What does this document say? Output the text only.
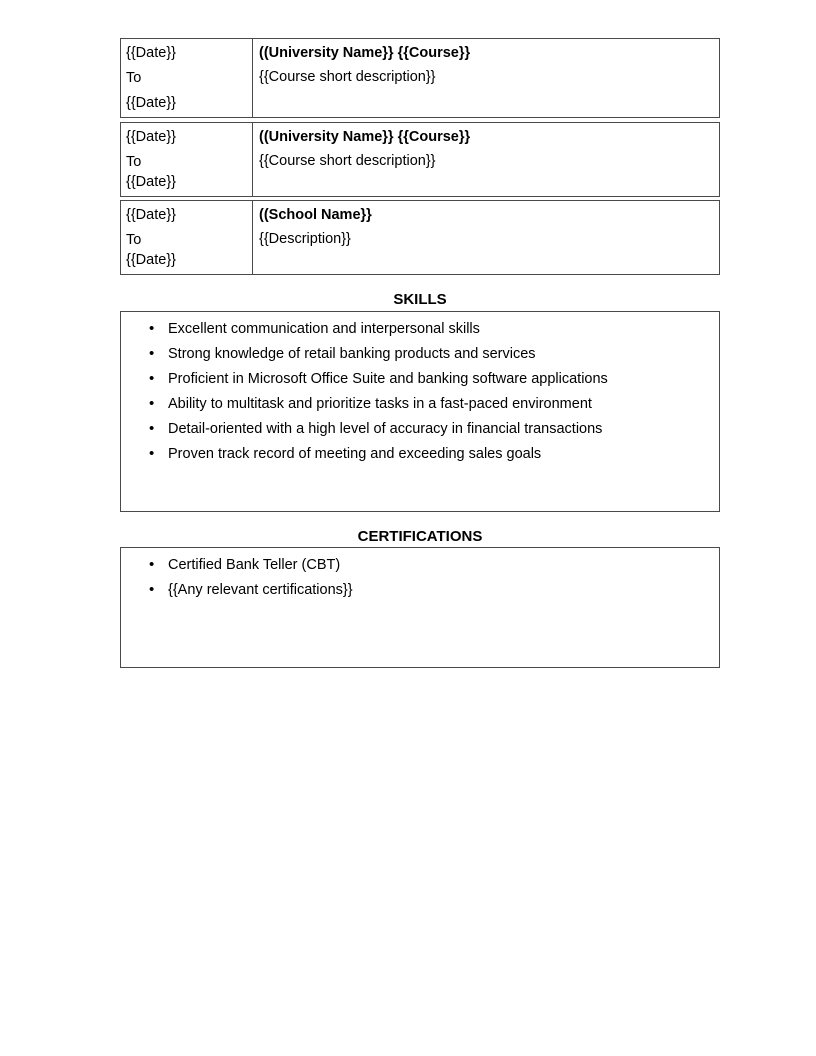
{{Date}}

To

{{Date}}

((University Name}} {{Course}}

{{Course short description}}

{{Date}}

To

{{Date}}

((University Name}} {{Course}}

{{Course short description}}

{{Date}}

To

{{Date}}

((School Name}}

{{Description}}

SKILLS
• Excellent communication and interpersonal skills
• Strong knowledge of retail banking products and services
• Proficient in Microsoft Office Suite and banking software applications
• Ability to multitask and prioritize tasks in a fast-paced environment
• Detail-oriented with a high level of accuracy in financial transactions
• Proven track record of meeting and exceeding sales goals
CERTIFICATIONS
• Certified Bank Teller (CBT)
• {{Any relevant certifications}}
